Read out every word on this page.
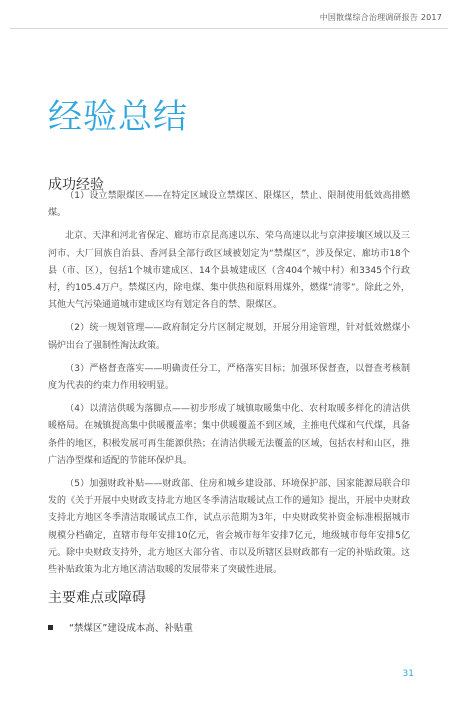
中国散煤综合治理调研报告 2017
经验总结
成功经验

（1）设立禁限煤区——在特定区域设立禁煤区、限煤区，禁止、限制使用低效高排燃煤。

北京、天津和河北省保定、廊坊市京昆高速以东、荣乌高速以北与京津接壤区域以及三河市、大厂回族自治县、香河县全部行政区域被划定为“禁煤区”，涉及保定、廊坊市18个县（市、区），包括1个城市建成区、14个县城建成区（含404个城中村）和3345个行政村，约105.4万户。禁煤区内，除电煤、集中供热和原料用煤外，燃煤“清零”。除此之外，其他大气污染通道城市建成区均有划定各自的禁、限煤区。

（2）统一规划管理——政府制定分片区制定规划，开展分用途管理，针对低效燃煤小锅炉出台了强制性淘汰政策。

（3）严格督查落实——明确责任分工，严格落实目标；加强环保督查，以督查考核制度为代表的约束力作用较明显。

（4）以清洁供暖为落脚点——初步形成了城镇取暖集中化、农村取暖多样化的清洁供暖格局。在城镇提高集中供暖覆盖率；集中供暖覆盖不到区域，主推电代煤和气代煤，具备条件的地区，积极发展可再生能源供热；在清洁供暖无法覆盖的区域，包括农村和山区，推广洁净型煤和适配的节能环保炉具。

（5）加强财政补贴——财政部、住房和城乡建设部、环境保护部、国家能源局联合印发的《关于开展中央财政支持北方地区冬季清洁取暖试点工作的通知》提出，开展中央财政支持北方地区冬季清洁取暖试点工作，试点示范期为3年，中央财政奖补资金标准根据城市规模分档确定，直辖市每年安排10亿元，省会城市每年安排7亿元，地级城市每年安排5亿元。除中央财政支持外，北方地区大部分省、市以及所辖区县财政都有一定的补贴政策。这些补贴政策为北方地区清洁取暖的发展带来了突破性进展。

主要难点或障碍
“禁煤区”建设成本高、补贴重
31
